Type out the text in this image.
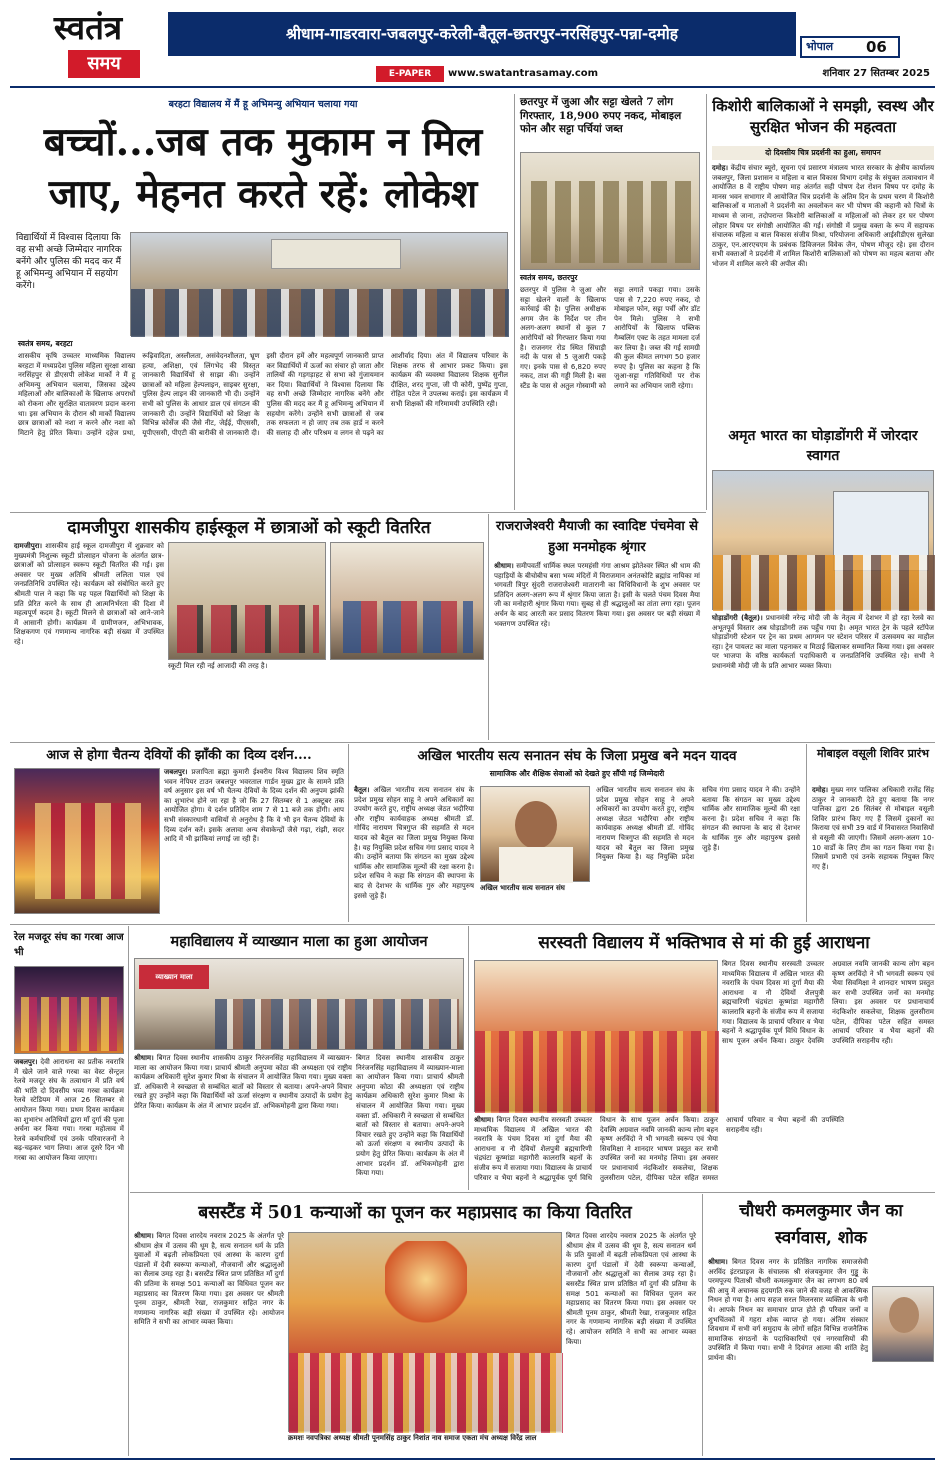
स्वतंत्र
समय
श्रीधाम-गाडरवारा-जबलपुर-करेली-बैतूल-छतरपुर-नरसिंहपुर-पन्ना-दमोह
भोपाल 06
E-PAPER	www.swatantrasamay.com	शनिवार 27 सितम्बर 2025
बरहटा विद्यालय में मैं हू अभिमन्यु अभियान चलाया गया
बच्चों...जब तक मुकाम न मिल जाए, मेहनत करते रहें: लोकेश
विद्यार्थियों में विश्वास दिलाया कि वह सभी अच्छे जिम्मेदार नागरिक बनेंगे और पुलिस की मदद कर मैं हू अभिमन्यु अभियान में सहयोग करेंगे।
स्वतंत्र समय, बरहटा
शासकीय कृषि उच्चतर माध्यमिक विद्यालय बरहटा में मध्यप्रदेश पुलिस महिला सुरक्षा शाखा नरसिंहपुर से डीएसपी लोकेश मार्को ने मैं हू अभिमन्यु अभियान चलाया, जिसका उद्देश्य महिलाओं और बालिकाओं के खिलाफ अपराधों को रोकना और सुरक्षित वातावरण प्रदान करना था। इस अभियान के दौरान श्री मार्को विद्यालय छात्र छात्राओं को नशा न करने और नशा को मिटाने हेतु प्रेरित किया। उन्होंने दहेज प्रथा, रूढ़िवादिता, अस्लीलता, असंवेदनशीलता, भ्रूण हत्या, अशिक्षा, एवं लिंगभेद की विस्तृत जानकारी विद्यार्थियों से साझा की। उन्होंने छात्राओं को महिला हेल्पलाइन, साइबर सुरक्षा, पुलिस हेल्प लाइन की जानकारी भी दी। उन्होंने सभी को पुलिस के आधार डाल एवं संगठन की जानकारी दी। उन्होंने विद्यार्थियों को शिक्षा के विभिन्न कोर्सेज की जैसे नीट, जेईई, पीएससी, यूपीएससी, पीएटी की बारीकी से जानकारी दी। इसी दौरान हमें और महत्वपूर्ण जानकारी प्राप्त कर विद्यार्थियों में ऊर्जा का संचार हो जाता और तालियों की गड़गड़ाहट से सभा को गुंजायमान कर दिया। विद्यार्थियों ने विश्वास दिलाया कि वह सभी अच्छे जिम्मेदार नागरिक बनेंगे और पुलिस की मदद कर मैं हू अभिमन्यु अभियान में सहयोग करेंगे। उन्होंने सभी छात्राओं से जब तक सफलता न हो जाए तब तक हार्ड न करने की सलाह दी और परिश्रम व लगन से पढ़ने का आशीर्वाद दिया। अंत में विद्यालय परिवार के शिक्षक तरफ से आभार प्रकट किया। इस कार्यक्रम की व्यवस्था विद्यालय शिक्षक सुनील दीक्षित, शरद गुप्ता, जी पी कोरी, पुष्पेंद्र गुप्ता, रोहित पटेल ने उपलब्ध कराई। इस कार्यक्रम में सभी शिक्षकों की गरिमामयी उपस्थिति रही।
छतरपुर में जुआ और सट्टा खेलते 7 लोग गिरफ्तार, 18,900 रुपए नकद, मोबाइल फोन और सट्टा पर्चियां जब्त
स्वतंत्र समय, छतरपुर
छतरपुर में पुलिस ने जुआ और सट्टा खेलने वालों के खिलाफ कार्रवाई की है। पुलिस अधीक्षक अगम जैन के निर्देश पर तीन अलग-अलग स्थानों से कुल 7 आरोपियों को गिरफ्तार किया गया है। राजनगर रोड स्थित सिंघाड़ी नदी के पास से 5 जुआरी पकड़े गए। इनके पास से 6,820 रुपए नकद, ताश की गड्डी मिली है। बस स्टैंड के पास से अतुल गोस्वामी को सट्टा लगाते पकड़ा गया। उसके पास से 7,220 रुपए नकद, दो मोबाइल फोन, सट्टा पर्ची और डॉट पेन मिले। पुलिस ने सभी आरोपियों के खिलाफ पब्लिक गैम्बलिंग एक्ट के तहत मामला दर्ज कर लिया है। जब्त की गई सामग्री की कुल कीमत लगभग 50 हजार रुपए है। पुलिस का कहना है कि जुआ-सट्टा गतिविधियों पर रोक लगाने का अभियान जारी रहेगा।
किशोरी बालिकाओं ने समझी, स्वस्थ और सुरक्षित भोजन की महत्वता
दो दिवसीय चित्र प्रदर्शनी का हुआ, समापन
दमोह। केंद्रीय संचार ब्यूरो, सूचना एवं प्रसारण मंत्रालय भारत सरकार के क्षेत्रीय कार्यालय जबलपुर, जिला प्रशासन व महिला व बाल विकास विभाग दमोह के संयुक्त तत्वावधान में आयोजित 8 वें राष्ट्रीय पोषण माह अंतर्गत सही पोषण देश रोशन विषय पर दमोह के मानस भवन सभागार में आयोजित चित्र प्रदर्शनी के अंतिम दिन के प्रथम चरण में किशोरी बालिकाओं व माताओं ने प्रदर्शनी का अवलोकन कर भी पोषण की कहानी को चित्रों के माध्यम से जाना, तदोपरान्त किशोरी बालिकाओं व महिलाओं को लेकर हर घर पोषण लोहार विषय पर संगोष्ठी आयोजित की गई। संगोष्ठी में प्रमुख वक्ता के रूप में सहायक संचालक महिला व बाल विकास संजीव मिश्रा, परियोजना अधिकारी आईसीडीएस सुलेखा ठाकुर, एन.आरएचएम के प्रबंधक डिविजनल विवेक जैन, पोषण मौजूद रहे। इस दौरान सभी वक्ताओं ने प्रदर्शनी में शामिल किशोरी बालिकाओं को पोषण का महत्व बताया और भोजन में शामिल करने की अपील की।
अमृत भारत का घोड़ाडोंगरी में जोरदार स्वागत
घोड़ाडोंगरी (बैतूल)। प्रधानमंत्री नरेन्द्र मोदी जी के नेतृत्व में देशभर में हो रहा रेलवे का अभूतपूर्व विस्तार अब घोड़ाडोंगरी तक पहुँच गया है। अमृत भारत ट्रेन के पहले स्टॉपेज घोड़ाडोंगरी स्टेशन पर ट्रेन का प्रथम आगमन पर स्टेशन परिसर में उत्सवमय का माहौल रहा। ट्रेन पायलट का माला पहनाकर व मिठाई खिलाकर सम्मानित किया गया। इस अवसर पर भाजपा के वरिष्ठ कार्यकर्ता पदाधिकारी व जनप्रतिनिधि उपस्थित रहे। सभी ने प्रधानमंत्री मोदी जी के प्रति आभार व्यक्त किया।
दामजीपुरा शासकीय हाईस्कूल में छात्राओं को स्कूटी वितरित
दामजीपुरा। शासकीय हाई स्कूल दामजीपुरा में शुक्रवार को मुख्यमंत्री निशुल्क स्कूटी प्रोत्साहन योजना के अंतर्गत छात्र-छात्राओं को प्रोत्साहन स्वरूप स्कूटी वितरित की गई। इस अवसर पर मुख्य अतिथि श्रीमती ललिता पाल एवं जनप्रतिनिधि उपस्थित रहे। कार्यक्रम को संबोधित करते हुए श्रीमती पाल ने कहा कि यह पहल विद्यार्थियों को शिक्षा के प्रति प्रेरित करने के साथ ही आत्मनिर्भरता की दिशा में महत्वपूर्ण कदम है। स्कूटी मिलने से छात्राओं को आने-जाने में आसानी होगी। कार्यक्रम में ग्रामीणजन, अभिभावक, शिक्षकगण एवं गणमान्य नागरिक बड़ी संख्या में उपस्थित रहे।
स्कूटी मिल रही नई आजादी की तरह है।
राजराजेश्वरी मैयाजी का स्वादिष्ट पंचमेवा से हुआ मनमोहक श्रृंगार
श्रीधाम। समीपवर्ती धार्मिक स्थल परमहंसी गंगा आश्रम झोतेश्वर स्थित श्री धाम की पहाड़ियों के बीचोबीच बसा भव्य मंदिरों में विराजमान अनंतकोटि ब्रह्मांड नायिका मां भगवती त्रिपुर सुंदरी राजराजेश्वरी मातारानी का विधिविधानों के शुभ अवसर पर प्रतिदिन अलग-अलग रूप में श्रृंगार किया जाता है। इसी के चलते पंचम दिवस मैया जी का मनोहारी श्रृंगार किया गया। सुबह से ही श्रद्धालुओं का तांता लगा रहा। पूजन अर्चन के बाद आरती कर प्रसाद वितरण किया गया। इस अवसर पर बड़ी संख्या में भक्तगण उपस्थित रहे।
आज से होगा चैतन्य देवियों की झाँकी का दिव्य दर्शन....
जबलपुर। प्रजापिता ब्रह्मा कुमारी ईश्वरीय विश्व विद्यालय शिव स्मृति भवन नेपियर टाउन जबलपुर भवरताल गार्डन मुख्य द्वार के सामने प्रति वर्ष अनुसार इस वर्ष भी चैतन्य देवियों के दिव्य दर्शन की अनुपम झांकी का शुभारंभ होने जा रहा है जो कि 27 सितम्बर से 1 अक्टूबर तक आयोजित होगा। ये दर्शन प्रतिदिन शाम 7 से 11 बजे तक होंगी। आप सभी संस्कारधानी वासियों से अनुरोध है कि वे भी इन चैतन्य देवियों के दिव्य दर्शन करें। इसके अलावा अन्य सेवाकेन्द्रों जैसे गढ़ा, रांझी, सदर आदि में भी झांकियां लगाई जा रही हैं।
अखिल भारतीय सत्य सनातन संघ के जिला प्रमुख बने मदन यादव
सामाजिक और शैक्षिक सेवाओं को देखते हुए सौंपी गई जिम्मेदारी
बैतूल। अखिल भारतीय सत्य सनातन संघ के प्रदेश प्रमुख सोहन साहू ने अपने अधिकारों का उपयोग करते हुए, राष्ट्रीय अध्यक्ष जेठत भदौरिया और राष्ट्रीय कार्यवाहक अध्यक्ष श्रीमती डॉ. गोविंद नारायण चित्रगुप्त की सहमति से मदन यादव को बैतूल का जिला प्रमुख नियुक्त किया है। यह नियुक्ति प्रदेश सचिव गंगा प्रसाद यादव ने की। उन्होंने बताया कि संगठन का मुख्य उद्देश्य धार्मिक और सामाजिक मूल्यों की रक्षा करना है। प्रदेश सचिव ने कहा कि संगठन की स्थापना के बाद से देशभर के धार्मिक गुरु और महापुरुष इससे जुड़े हैं।
अखिल भारतीय सत्य सनातन संघ
अखिल भारतीय सत्य सनातन संघ के प्रदेश प्रमुख सोहन साहू ने अपने अधिकारों का उपयोग करते हुए, राष्ट्रीय अध्यक्ष जेठत भदौरिया और राष्ट्रीय कार्यवाहक अध्यक्ष श्रीमती डॉ. गोविंद नारायण चित्रगुप्त की सहमति से मदन यादव को बैतूल का जिला प्रमुख नियुक्त किया है। यह नियुक्ति प्रदेश सचिव गंगा प्रसाद यादव ने की। उन्होंने बताया कि संगठन का मुख्य उद्देश्य धार्मिक और सामाजिक मूल्यों की रक्षा करना है। प्रदेश सचिव ने कहा कि संगठन की स्थापना के बाद से देशभर के धार्मिक गुरु और महापुरुष इससे जुड़े हैं।
मोबाइल वसूली शिविर प्रारंभ
दमोह। मुख्य नगर पालिका अधिकारी राजेंद्र सिंह ठाकुर ने जानकारी देते हुए बताया कि नगर पालिका द्वारा 26 सितंबर से मोबाइल वसूली शिविर प्रारंभ किए गए हैं जिसमें दुकानों का किराया एवं सभी 39 वार्ड में निवासरत निवासियों से वसूली की जाएगी। जिसमें अलग-अलग 10-10 वार्डों के लिए टीम का गठन किया गया है। जिसमें प्रभारी एवं उनके सहायक नियुक्त किए गए हैं।
रेल मजदूर संघ का गरबा आज भी
जबलपुर। देवी आराधना का प्रतीक नवरात्रि में खेले जाने वाले गरबा का वेस्ट सेन्ट्रल रेलवे मजदूर संघ के तत्वाधान में प्रति वर्ष की भांति दो दिवसीय भव्य गरबा कार्यक्रम रेलवे स्टेडियम में आज 26 सितम्बर से आयोजन किया गया। प्रथम दिवस कार्यक्रम का शुभारंभ अतिथियों द्वारा माँ दुर्गा की पूजा अर्चना कर किया गया। गरबा महोत्सव में रेलवे कर्मचारियों एवं उनके परिवारजनों ने बढ़-चढ़कर भाग लिया। आज दूसरे दिन भी गरबा का आयोजन किया जाएगा।
महाविद्यालय में व्याख्यान माला का हुआ आयोजन
व्याख्यान माला
श्रीधाम। बिगत दिवस स्थानीय शासकीय ठाकुर निरंजनसिंह महाविद्यालय में व्याख्यान-माला का आयोजन किया गया। प्राचार्य श्रीमती अनुपमा कोठा की अध्यक्षता एवं राष्ट्रीय कार्यक्रम अधिकारी सुरेश कुमार मिश्रा के संचालन में आयोजित किया गया। मुख्य वक्ता डॉ. अधिकारी ने स्वच्छता से सम्बंधित बातों को विस्तार से बताया। अपने-अपने विचार रखते हुए उन्होंने कहा कि विद्यार्थियों को ऊर्जा संरक्षण व स्थानीय उत्पादों के प्रयोग हेतु प्रेरित किया। कार्यक्रम के अंत में आभार प्रदर्शन डॉ. अभिकमोहनी द्वारा किया गया।
बिगत दिवस स्थानीय शासकीय ठाकुर निरंजनसिंह महाविद्यालय में व्याख्यान-माला का आयोजन किया गया। प्राचार्य श्रीमती अनुपमा कोठा की अध्यक्षता एवं राष्ट्रीय कार्यक्रम अधिकारी सुरेश कुमार मिश्रा के संचालन में आयोजित किया गया। मुख्य वक्ता डॉ. अधिकारी ने स्वच्छता से सम्बंधित बातों को विस्तार से बताया। अपने-अपने विचार रखते हुए उन्होंने कहा कि विद्यार्थियों को ऊर्जा संरक्षण व स्थानीय उत्पादों के प्रयोग हेतु प्रेरित किया। कार्यक्रम के अंत में आभार प्रदर्शन डॉ. अभिकमोहनी द्वारा किया गया।
सरस्वती विद्यालय में भक्तिभाव से मां की हुई आराधना
श्रीधाम। बिगत दिवस स्थानीय सरस्वती उच्चतर माध्यमिक विद्यालय में अखिल भारत की नवरात्रि के पंचम दिवस मां दुर्गा मैया की आराधना व नौ देवियों शैलपुत्री ब्रह्मचारिणी चंद्रघंटा कूष्मांडा महागौरी कालरात्रि बहनों के संजीव रूप में सजाया गया। विद्यालय के प्राचार्य परिवार व भैया बहनों ने श्रद्धापूर्वक पूर्ण विधि विधान के साथ पूजन अर्चन किया। ठाकुर देवस्मि अग्रवाल नवमि जानकी कान्य लोग बहन कृष्ण अरविंदो ने भी भगवती स्वरूप एवं भैया सिवमिक्षा ने शानदार भाषण प्रस्तुत कर सभी उपस्थित जनों का मनमोह लिया। इस अवसर पर प्रधानाचार्य नंदकिशोर सकलेचा, शिक्षक तुलसीराम पटेल, दीपिका पटेल सहित समस्त आचार्य परिवार व भैया बहनों की उपस्थिति सराहनीय रही।
बिगत दिवस स्थानीय सरस्वती उच्चतर माध्यमिक विद्यालय में अखिल भारत की नवरात्रि के पंचम दिवस मां दुर्गा मैया की आराधना व नौ देवियों शैलपुत्री ब्रह्मचारिणी चंद्रघंटा कूष्मांडा महागौरी कालरात्रि बहनों के संजीव रूप में सजाया गया। विद्यालय के प्राचार्य परिवार व भैया बहनों ने श्रद्धापूर्वक पूर्ण विधि विधान के साथ पूजन अर्चन किया। ठाकुर देवस्मि अग्रवाल नवमि जानकी कान्य लोग बहन कृष्ण अरविंदो ने भी भगवती स्वरूप एवं भैया सिवमिक्षा ने शानदार भाषण प्रस्तुत कर सभी उपस्थित जनों का मनमोह लिया। इस अवसर पर प्रधानाचार्य नंदकिशोर सकलेचा, शिक्षक तुलसीराम पटेल, दीपिका पटेल सहित समस्त आचार्य परिवार व भैया बहनों की उपस्थिति सराहनीय रही।
बसस्टैंड में 501 कन्याओं का पूजन कर महाप्रसाद का किया वितरित
श्रीधाम। बिगत दिवस शारदेय नवरात्र 2025 के अंतर्गत पूरे श्रीधाम क्षेत्र में उत्सव की धूम है, सत्य सनातन धर्म के प्रति युवाओं में बढ़ती लोकप्रियता एवं आस्था के कारण दुर्गा पंडालों में देवी स्वरूपा कन्याओं, नौजवानों और श्रद्धालुओं का सैलाब उमड़ रहा है। बसस्टैंड स्थित प्राण प्रतिष्ठित माँ दुर्गा की प्रतिमा के समक्ष 501 कन्याओं का विधिवत पूजन कर महाप्रसाद का वितरण किया गया। इस अवसर पर श्रीमती पूनम ठाकुर, श्रीमती रेखा, राजकुमार सहित नगर के गणमान्य नागरिक बड़ी संख्या में उपस्थित रहे। आयोजन समिति ने सभी का आभार व्यक्त किया।
क्रमशः नवपत्रिका अध्यक्ष श्रीमती पूनमसिंह ठाकुर निशांत नाव समाज एकता मंच अध्यक्ष विरेंद्र लाल
बिगत दिवस शारदेय नवरात्र 2025 के अंतर्गत पूरे श्रीधाम क्षेत्र में उत्सव की धूम है, सत्य सनातन धर्म के प्रति युवाओं में बढ़ती लोकप्रियता एवं आस्था के कारण दुर्गा पंडालों में देवी स्वरूपा कन्याओं, नौजवानों और श्रद्धालुओं का सैलाब उमड़ रहा है। बसस्टैंड स्थित प्राण प्रतिष्ठित माँ दुर्गा की प्रतिमा के समक्ष 501 कन्याओं का विधिवत पूजन कर महाप्रसाद का वितरण किया गया। इस अवसर पर श्रीमती पूनम ठाकुर, श्रीमती रेखा, राजकुमार सहित नगर के गणमान्य नागरिक बड़ी संख्या में उपस्थित रहे। आयोजन समिति ने सभी का आभार व्यक्त किया।
चौधरी कमलकुमार जैन का स्वर्गवास, शोक
श्रीधाम। बिगत दिवस नगर के प्रतिष्ठित नागरिक समाजसेवी अरविंद इंटरप्राइज के संचालक श्री संजयकुमार जैन गुड्डू के परमपूज्य पिताश्री चौधरी कमलकुमार जैन का लगभग 80 वर्ष की आयु में अचानक हृदयगति रुक जाने की वजह से आकस्मिक निधन हो गया है। आप सहज सरल मिलनसार व्यक्तित्व के धनी थे। आपके निधन का समाचार प्राप्त होते ही परिवार जनों व शुभचिंतकों में गहरा शोक व्याप्त हो गया। अंतिम संस्कार शिवधाम में सभी वर्ग समुदाय के लोगों सहित विभिन्न राजनैतिक सामाजिक संगठनों के पदाधिकारियों एवं नगरवासियों की उपस्थिति में किया गया। सभी ने दिवंगत आत्मा की शांति हेतु प्रार्थना की।
